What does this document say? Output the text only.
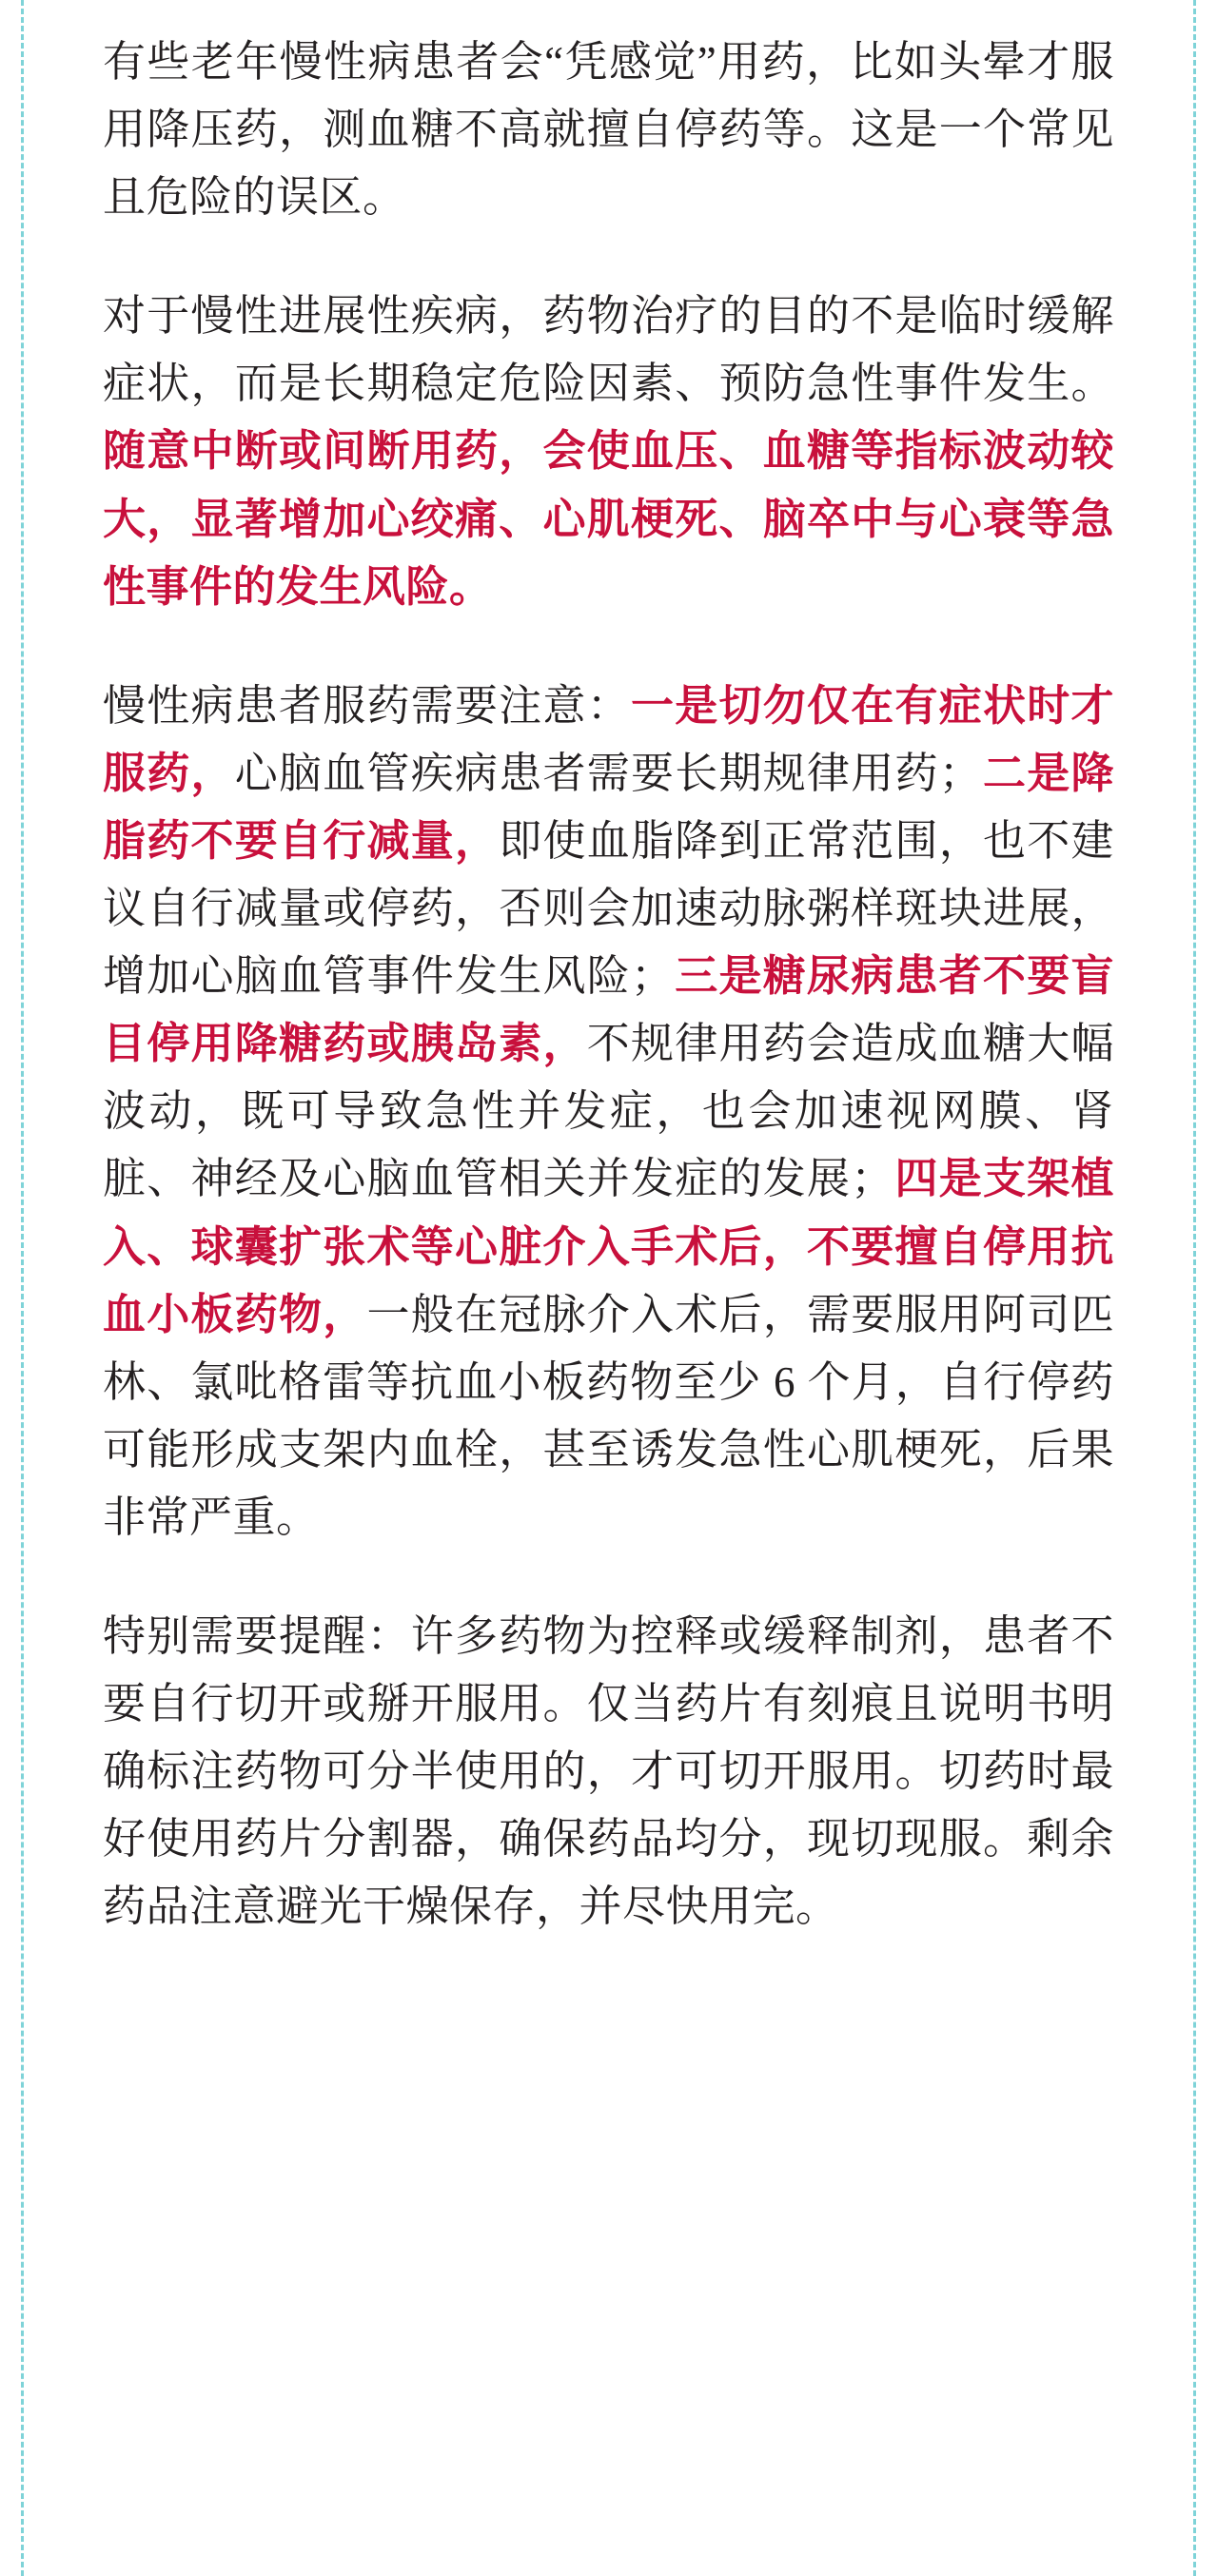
有些老年慢性病患者会“凭感觉”用药，比如头晕才服用降压药，测血糖不高就擅自停药等。这是一个常见且危险的误区。

对于慢性进展性疾病，药物治疗的目的不是临时缓解症状，而是长期稳定危险因素、预防急性事件发生。随意中断或间断用药，会使血压、血糖等指标波动较大，显著增加心绞痛、心肌梗死、脑卒中与心衰等急性事件的发生风险。

慢性病患者服药需要注意：一是切勿仅在有症状时才服药，心脑血管疾病患者需要长期规律用药；二是降脂药不要自行减量，即使血脂降到正常范围，也不建议自行减量或停药，否则会加速动脉粥样斑块进展，增加心脑血管事件发生风险；三是糖尿病患者不要盲目停用降糖药或胰岛素，不规律用药会造成血糖大幅波动，既可导致急性并发症，也会加速视网膜、肾脏、神经及心脑血管相关并发症的发展；四是支架植入、球囊扩张术等心脏介入手术后，不要擅自停用抗血小板药物，一般在冠脉介入术后，需要服用阿司匹林、氯吡格雷等抗血小板药物至少 6 个月，自行停药可能形成支架内血栓，甚至诱发急性心肌梗死，后果非常严重。

特别需要提醒：许多药物为控释或缓释制剂，患者不要自行切开或掰开服用。仅当药片有刻痕且说明书明确标注药物可分半使用的，才可切开服用。切药时最好使用药片分割器，确保药品均分，现切现服。剩余药品注意避光干燥保存，并尽快用完。
